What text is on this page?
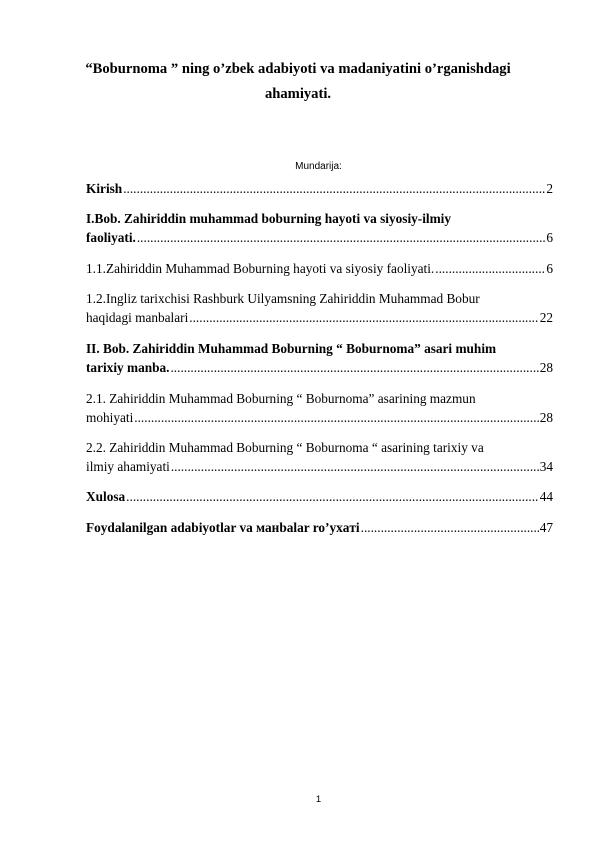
“Boburnoma ” ning o’zbek adabiyoti va madaniyatini o’rganishdagi
ahamiyati.
Mundarija:
Kirish .....	2
I.Bob. Zahiriddin muhammad boburning hayoti va siyosiy-ilmiy
faoliyati. .....	6
1.1.Zahiriddin Muhammad Boburning hayoti va siyosiy faoliyati. .....	6
1.2.Ingliz tarixchisi Rashburk Uilyamsning Zahiriddin Muhammad Bobur
haqidagi manbalari .....	22
II. Bob. Zahiriddin Muhammad Boburning “ Boburnoma” asari muhim
tarixiy manba. .....	28
2.1. Zahiriddin Muhammad Boburning “ Boburnoma” asarining mazmun
mohiyati .....	28
2.2. Zahiriddin Muhammad Boburning “ Boburnoma “ asarining tarixiy va
ilmiy ahamiyati .....	34
Xulosa .....	44
Foydalanilgan adabiyotlar va манbalar ro’yxaтi .....	47
1
